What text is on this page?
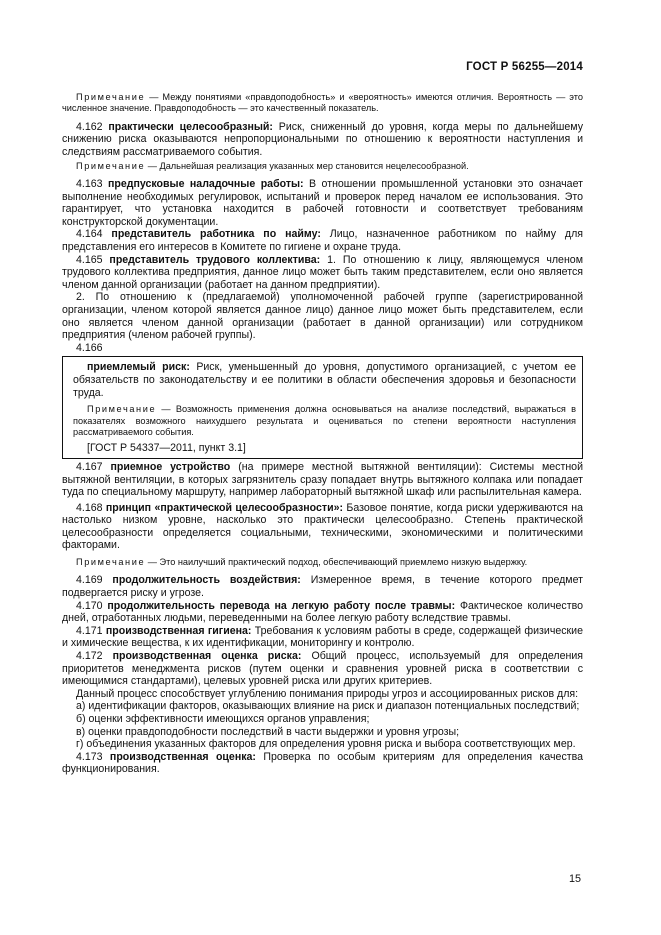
ГОСТ Р 56255—2014

Примечание — Между понятиями «правдоподобность» и «вероятность» имеются отличия. Вероятность — это численное значение. Правдоподобность — это качественный показатель.

4.162 практически целесообразный: Риск, сниженный до уровня, когда меры по дальнейшему снижению риска оказываются непропорциональными по отношению к вероятности наступления и следствиям рассматриваемого события.

Примечание — Дальнейшая реализация указанных мер становится нецелесообразной.

4.163 предпусковые наладочные работы: В отношении промышленной установки это означает выполнение необходимых регулировок, испытаний и проверок перед началом ее использования. Это гарантирует, что установка находится в рабочей готовности и соответствует требованиям конструкторской документации.

4.164 представитель работника по найму: Лицо, назначенное работником по найму для представления его интересов в Комитете по гигиене и охране труда.

4.165 представитель трудового коллектива: 1. По отношению к лицу, являющемуся членом трудового коллектива предприятия, данное лицо может быть таким представителем, если оно является членом данной организации (работает на данном предприятии).

2. По отношению к (предлагаемой) уполномоченной рабочей группе (зарегистрированной организации, членом которой является данное лицо) данное лицо может быть представителем, если оно является членом данной организации (работает в данной организации) или сотрудником предприятия (членом рабочей группы).

4.166

приемлемый риск: Риск, уменьшенный до уровня, допустимого организацией, с учетом ее обязательств по законодательству и ее политики в области обеспечения здоровья и безопасности труда.

Примечание — Возможность применения должна основываться на анализе последствий, выражаться в показателях возможного наихудшего результата и оцениваться по степени вероятности наступления рассматриваемого события.

[ГОСТ Р 54337—2011, пункт 3.1]

4.167 приемное устройство (на примере местной вытяжной вентиляции): Системы местной вытяжной вентиляции, в которых загрязнитель сразу попадает внутрь вытяжного колпака или попадает туда по специальному маршруту, например лабораторный вытяжной шкаф или распылительная камера.

4.168 принцип «практической целесообразности»: Базовое понятие, когда риски удерживаются на настолько низком уровне, насколько это практически целесообразно. Степень практической целесообразности определяется социальными, техническими, экономическими и политическими факторами.

Примечание — Это наилучший практический подход, обеспечивающий приемлемо низкую выдержку.

4.169 продолжительность воздействия: Измеренное время, в течение которого предмет подвергается риску и угрозе.

4.170 продолжительность перевода на легкую работу после травмы: Фактическое количество дней, отработанных людьми, переведенными на более легкую работу вследствие травмы.

4.171 производственная гигиена: Требования к условиям работы в среде, содержащей физические и химические вещества, к их идентификации, мониторингу и контролю.

4.172 производственная оценка риска: Общий процесс, используемый для определения приоритетов менеджмента рисков (путем оценки и сравнения уровней риска в соответствии с имеющимися стандартами), целевых уровней риска или других критериев.

Данный процесс способствует углублению понимания природы угроз и ассоциированных рисков для:

а) идентификации факторов, оказывающих влияние на риск и диапазон потенциальных последствий;

б) оценки эффективности имеющихся органов управления;

в) оценки правдоподобности последствий в части выдержки и уровня угрозы;

г) объединения указанных факторов для определения уровня риска и выбора соответствующих мер.

4.173 производственная оценка: Проверка по особым критериям для определения качества функционирования.

15
